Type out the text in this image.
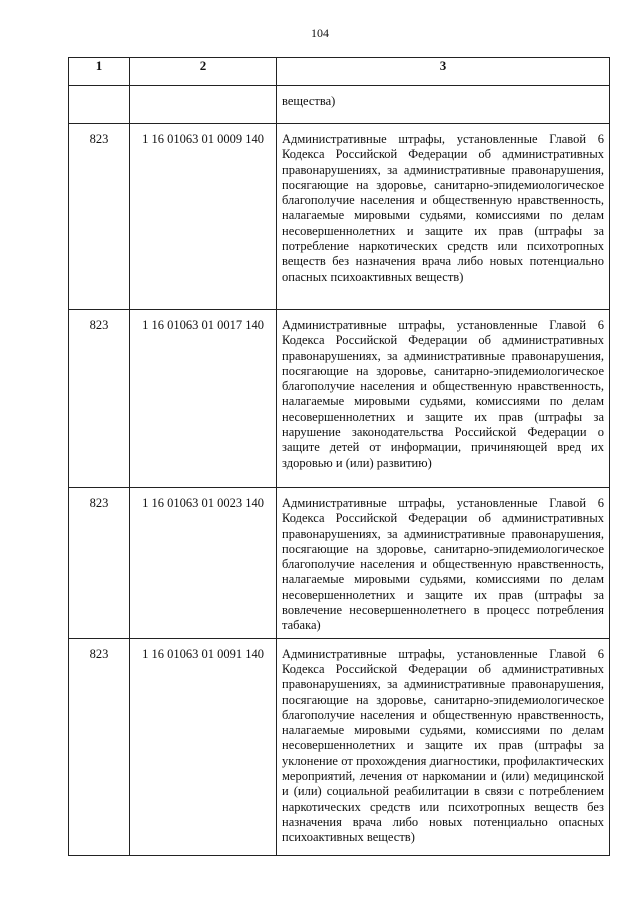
104
1	2	3
		вещества)
823	1 16 01063 01 0009 140	Административные штрафы, установленные Главой 6 Кодекса Российской Федерации об административных правонарушениях, за административные правонарушения, посягающие на здоровье, санитарно-эпидемиологическое благополучие населения и общественную нравственность, налагаемые мировыми судьями, комиссиями по делам несовершеннолетних и защите их прав (штрафы за потребление наркотических средств или психотропных веществ без назначения врача либо новых потенциально опасных психоактивных веществ)
823	1 16 01063 01 0017 140	Административные штрафы, установленные Главой 6 Кодекса Российской Федерации об административных правонарушениях, за административные правонарушения, посягающие на здоровье, санитарно-эпидемиологическое благополучие населения и общественную нравственность, налагаемые мировыми судьями, комиссиями по делам несовершеннолетних и защите их прав (штрафы за нарушение законодательства Российской Федерации о защите детей от информации, причиняющей вред их здоровью и (или) развитию)
823	1 16 01063 01 0023 140	Административные штрафы, установленные Главой 6 Кодекса Российской Федерации об административных правонарушениях, за административные правонарушения, посягающие на здоровье, санитарно-эпидемиологическое благополучие населения и общественную нравственность, налагаемые мировыми судьями, комиссиями по делам несовершеннолетних и защите их прав (штрафы за вовлечение несовершеннолетнего в процесс потребления табака)
823	1 16 01063 01 0091 140	Административные штрафы, установленные Главой 6 Кодекса Российской Федерации об административных правонарушениях, за административные правонарушения, посягающие на здоровье, санитарно-эпидемиологическое благополучие населения и общественную нравственность, налагаемые мировыми судьями, комиссиями по делам несовершеннолетних и защите их прав (штрафы за уклонение от прохождения диагностики, профилактических мероприятий, лечения от наркомании и (или) медицинской и (или) социальной реабилитации в связи с потреблением наркотических средств или психотропных веществ без назначения врача либо новых потенциально опасных психоактивных веществ)
